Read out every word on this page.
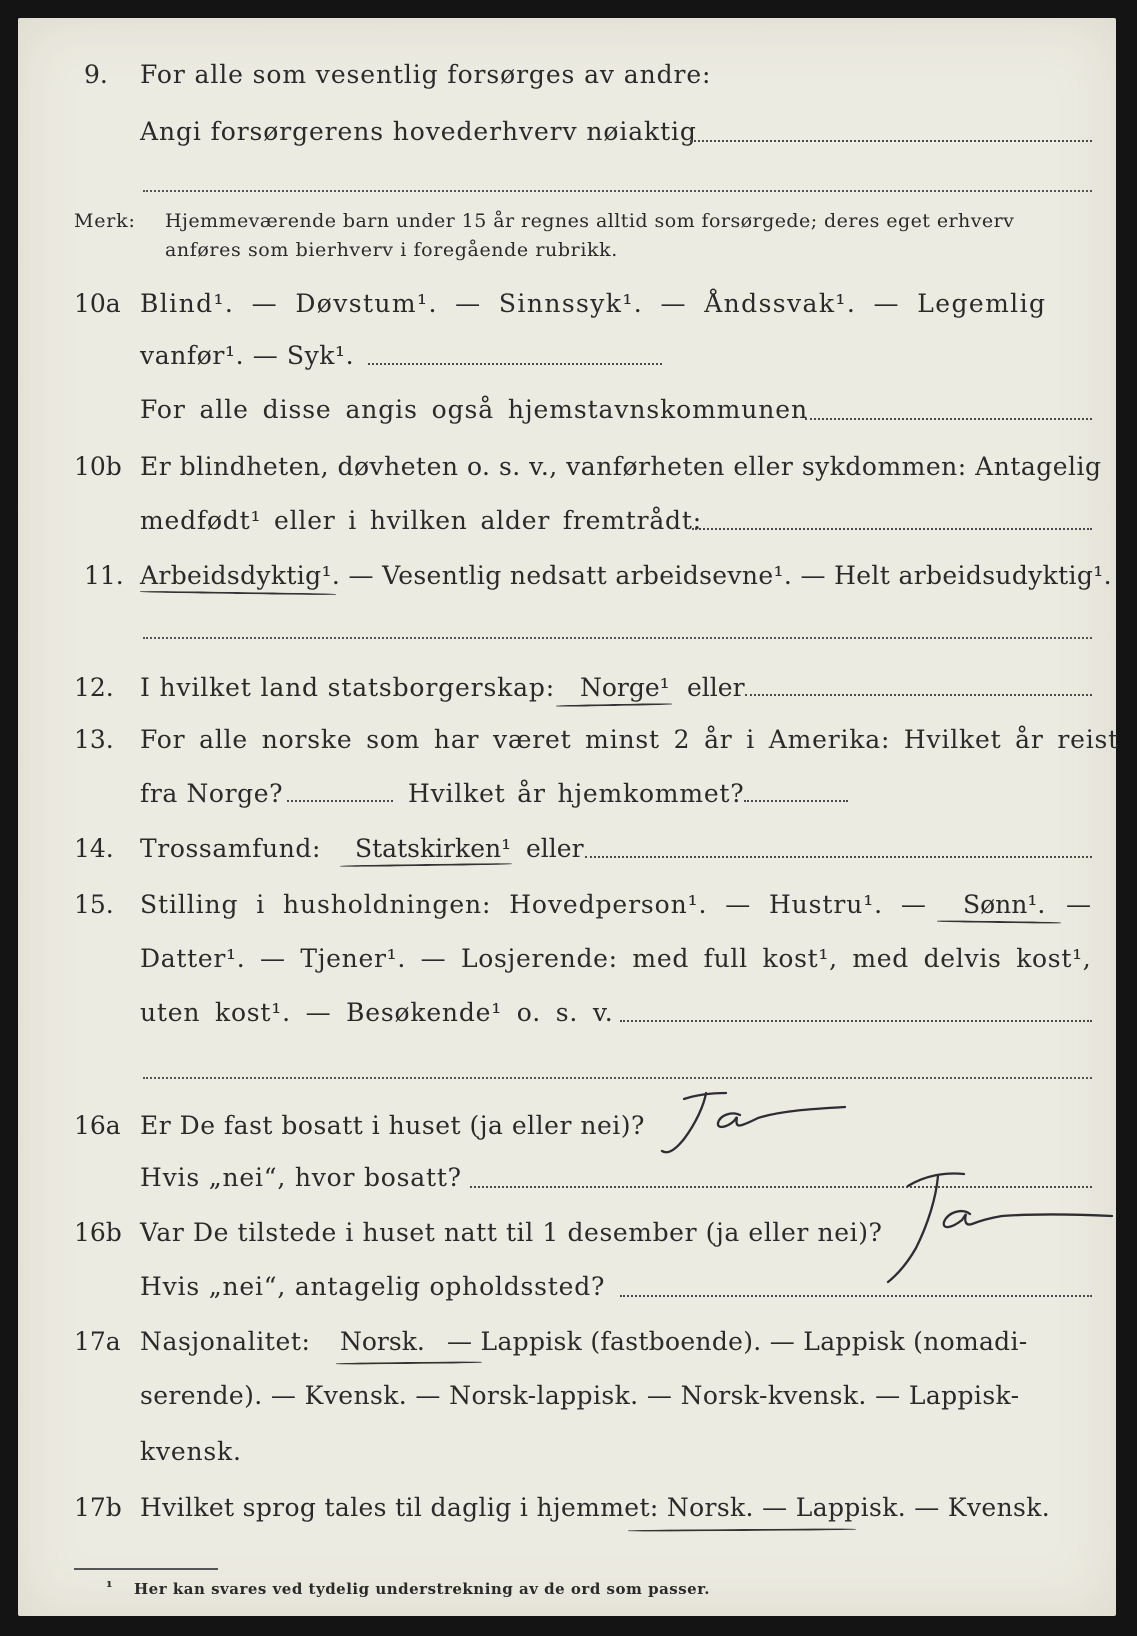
9. For alle som vesentlig forsørges av andre:
Angi forsørgerens hovederhverv nøiaktig
Merk: Hjemmeværende barn under 15 år regnes alltid som forsørgede; deres eget erhverv
anføres som bierhverv i foregående rubrikk.
10a Blind¹. — Døvstum¹. — Sinnssyk¹. — Åndssvak¹. — Legemlig
vanfør¹. — Syk¹.
For alle disse angis også hjemstavnskommunen
10b Er blindheten, døvheten o. s. v., vanførheten eller sykdommen: Antagelig
medfødt¹ eller i hvilken alder fremtrådt:
11. Arbeidsdyktig¹. — Vesentlig nedsatt arbeidsevne¹. — Helt arbeidsudyktig¹.
12. I hvilket land statsborgerskap: Norge¹ eller
13. For alle norske som har været minst 2 år i Amerika: Hvilket år reist
fra Norge?	Hvilket år hjemkommet?
14. Trossamfund: Statskirken¹ eller
15. Stilling i husholdningen: Hovedperson¹. — Hustru¹. — Sønn¹. —
Datter¹. — Tjener¹. — Losjerende: med full kost¹, med delvis kost¹,
uten kost¹. — Besøkende¹ o. s. v.
16a Er De fast bosatt i huset (ja eller nei)?
Ja
Hvis „nei“, hvor bosatt?
16b Var De tilstede i huset natt til 1 desember (ja eller nei)?
Ja
Hvis „nei“, antagelig opholdssted?
17a Nasjonalitet: Norsk. — Lappisk (fastboende). — Lappisk (nomadi-
serende). — Kvensk. — Norsk-lappisk. — Norsk-kvensk. — Lappisk-
kvensk.
17b Hvilket sprog tales til daglig i hjemmet: Norsk. — Lappisk. — Kvensk.
¹ Her kan svares ved tydelig understrekning av de ord som passer.
